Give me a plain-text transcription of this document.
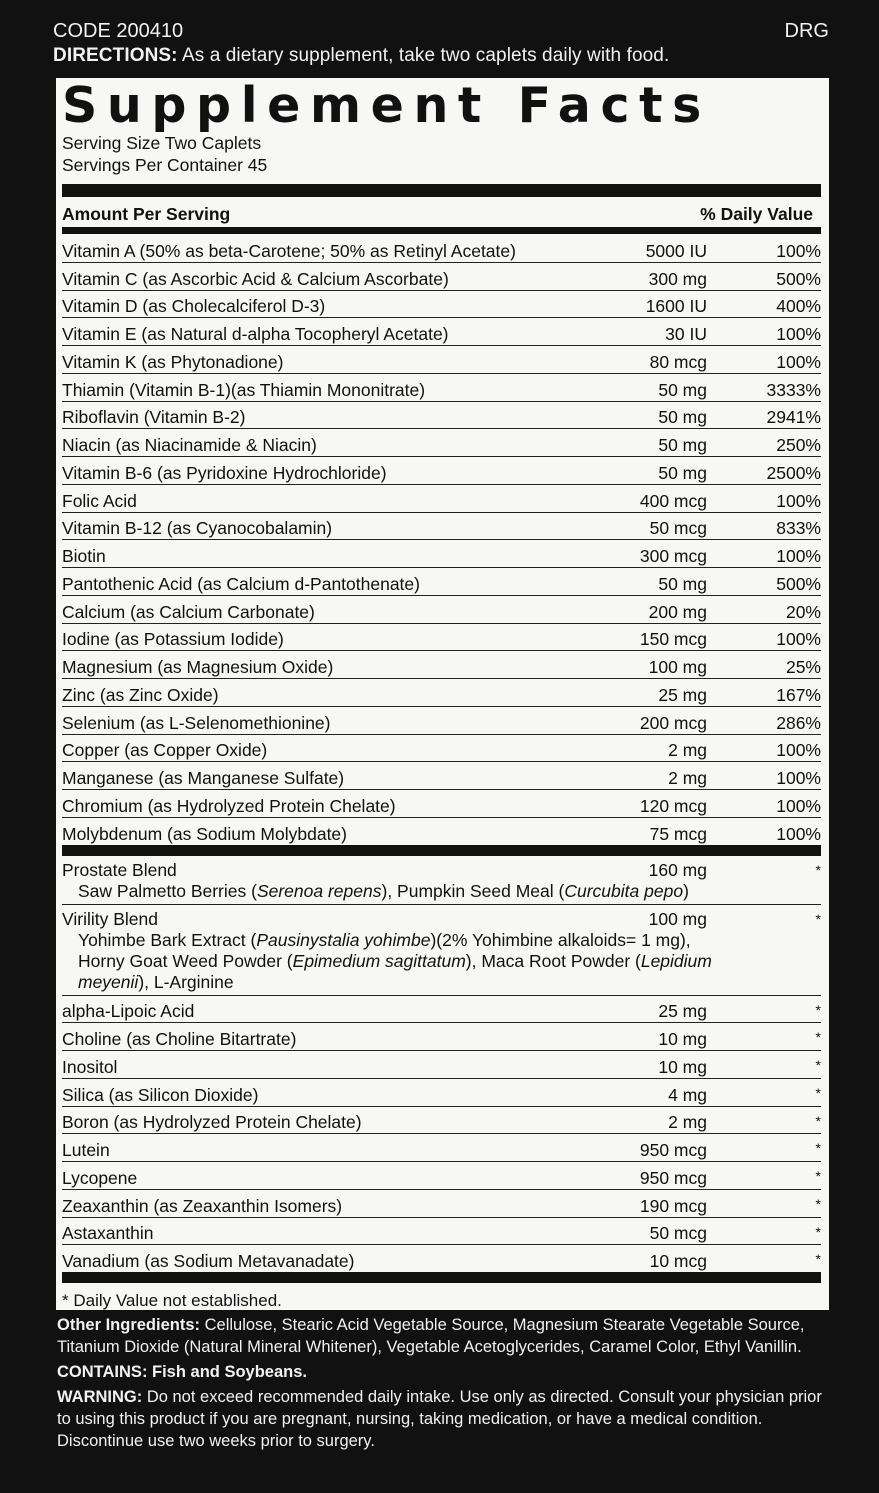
CODE 200410	DRG
DIRECTIONS: As a dietary supplement, take two caplets daily with food.
Supplement Facts
Serving Size Two Caplets
Servings Per Container 45
Amount Per Serving	% Daily Value
Vitamin A (50% as beta-Carotene; 50% as Retinyl Acetate)	5000 IU	100%
Vitamin C (as Ascorbic Acid & Calcium Ascorbate)	300 mg	500%
Vitamin D (as Cholecalciferol D-3)	1600 IU	400%
Vitamin E (as Natural d-alpha Tocopheryl Acetate)	30 IU	100%
Vitamin K (as Phytonadione)	80 mcg	100%
Thiamin (Vitamin B-1)(as Thiamin Mononitrate)	50 mg	3333%
Riboflavin (Vitamin B-2)	50 mg	2941%
Niacin (as Niacinamide & Niacin)	50 mg	250%
Vitamin B-6 (as Pyridoxine Hydrochloride)	50 mg	2500%
Folic Acid	400 mcg	100%
Vitamin B-12 (as Cyanocobalamin)	50 mcg	833%
Biotin	300 mcg	100%
Pantothenic Acid (as Calcium d-Pantothenate)	50 mg	500%
Calcium (as Calcium Carbonate)	200 mg	20%
Iodine (as Potassium Iodide)	150 mcg	100%
Magnesium (as Magnesium Oxide)	100 mg	25%
Zinc (as Zinc Oxide)	25 mg	167%
Selenium (as L-Selenomethionine)	200 mcg	286%
Copper (as Copper Oxide)	2 mg	100%
Manganese (as Manganese Sulfate)	2 mg	100%
Chromium (as Hydrolyzed Protein Chelate)	120 mcg	100%
Molybdenum (as Sodium Molybdate)	75 mcg	100%
Prostate Blend	160 mg	*
Saw Palmetto Berries (Serenoa repens), Pumpkin Seed Meal (Curcubita pepo)
Virility Blend	100 mg	*
Yohimbe Bark Extract (Pausinystalia yohimbe)(2% Yohimbine alkaloids= 1 mg),
Horny Goat Weed Powder (Epimedium sagittatum), Maca Root Powder (Lepidium
meyenii), L-Arginine
alpha-Lipoic Acid	25 mg	*
Choline (as Choline Bitartrate)	10 mg	*
Inositol	10 mg	*
Silica (as Silicon Dioxide)	4 mg	*
Boron (as Hydrolyzed Protein Chelate)	2 mg	*
Lutein	950 mcg	*
Lycopene	950 mcg	*
Zeaxanthin (as Zeaxanthin Isomers)	190 mcg	*
Astaxanthin	50 mcg	*
Vanadium (as Sodium Metavanadate)	10 mcg	*
* Daily Value not established.

Other Ingredients: Cellulose, Stearic Acid Vegetable Source, Magnesium Stearate Vegetable Source, Titanium Dioxide (Natural Mineral Whitener), Vegetable Acetoglycerides, Caramel Color, Ethyl Vanillin.

CONTAINS: Fish and Soybeans.

WARNING: Do not exceed recommended daily intake. Use only as directed. Consult your physician prior to using this product if you are pregnant, nursing, taking medication, or have a medical condition. Discontinue use two weeks prior to surgery.
